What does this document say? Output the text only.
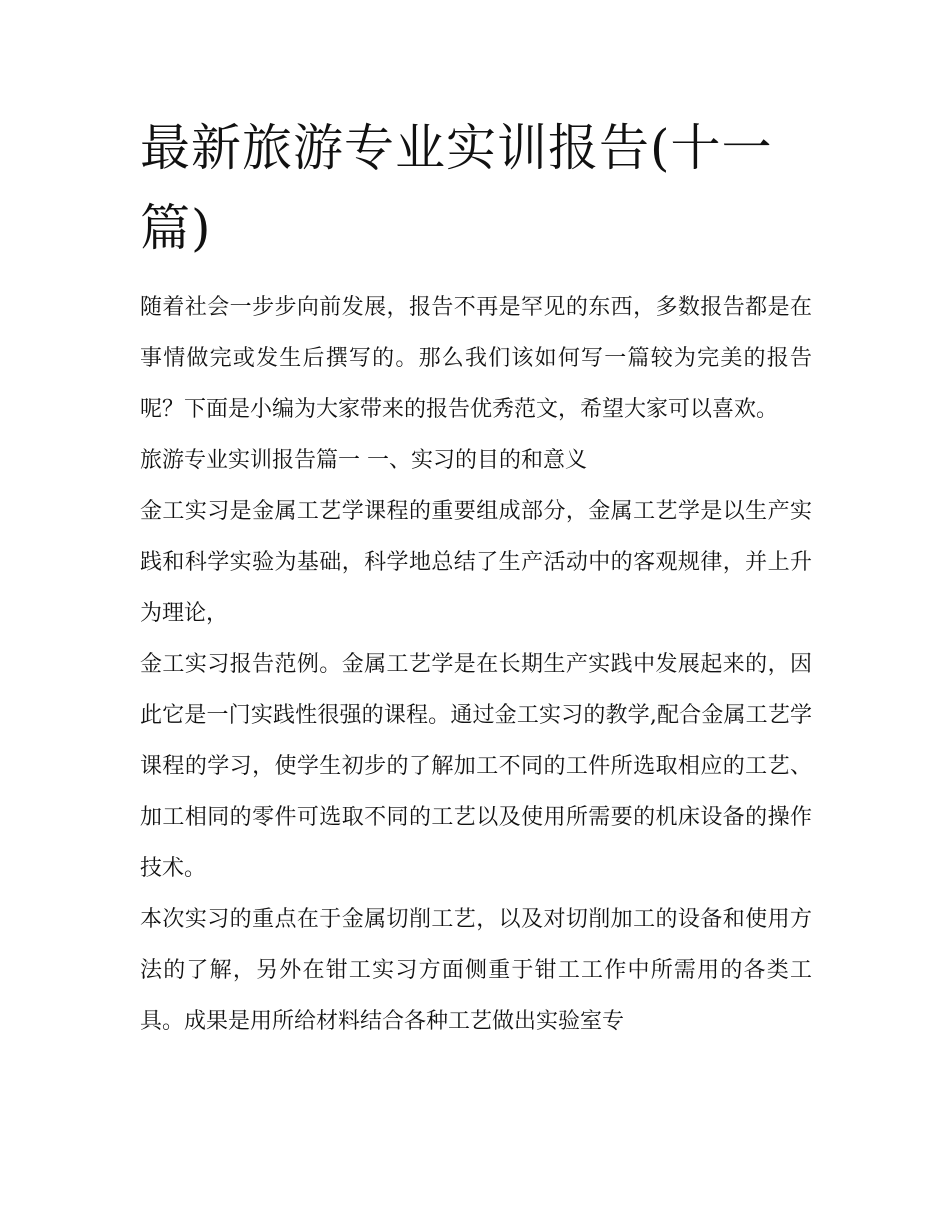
最新旅游专业实训报告(十一篇)

随着社会一步步向前发展，报告不再是罕见的东西，多数报告都是在事情做完或发生后撰写的。那么我们该如何写一篇较为完美的报告呢？下面是小编为大家带来的报告优秀范文，希望大家可以喜欢。

旅游专业实训报告篇一 一、实习的目的和意义

金工实习是金属工艺学课程的重要组成部分，金属工艺学是以生产实践和科学实验为基础，科学地总结了生产活动中的客观规律，并上升为理论，

金工实习报告范例。金属工艺学是在长期生产实践中发展起来的，因此它是一门实践性很强的课程。通过金工实习的教学,配合金属工艺学课程的学习，使学生初步的了解加工不同的工件所选取相应的工艺、加工相同的零件可选取不同的工艺以及使用所需要的机床设备的操作技术。

本次实习的重点在于金属切削工艺，以及对切削加工的设备和使用方法的了解，另外在钳工实习方面侧重于钳工工作中所需用的各类工具。成果是用所给材料结合各种工艺做出实验室专
